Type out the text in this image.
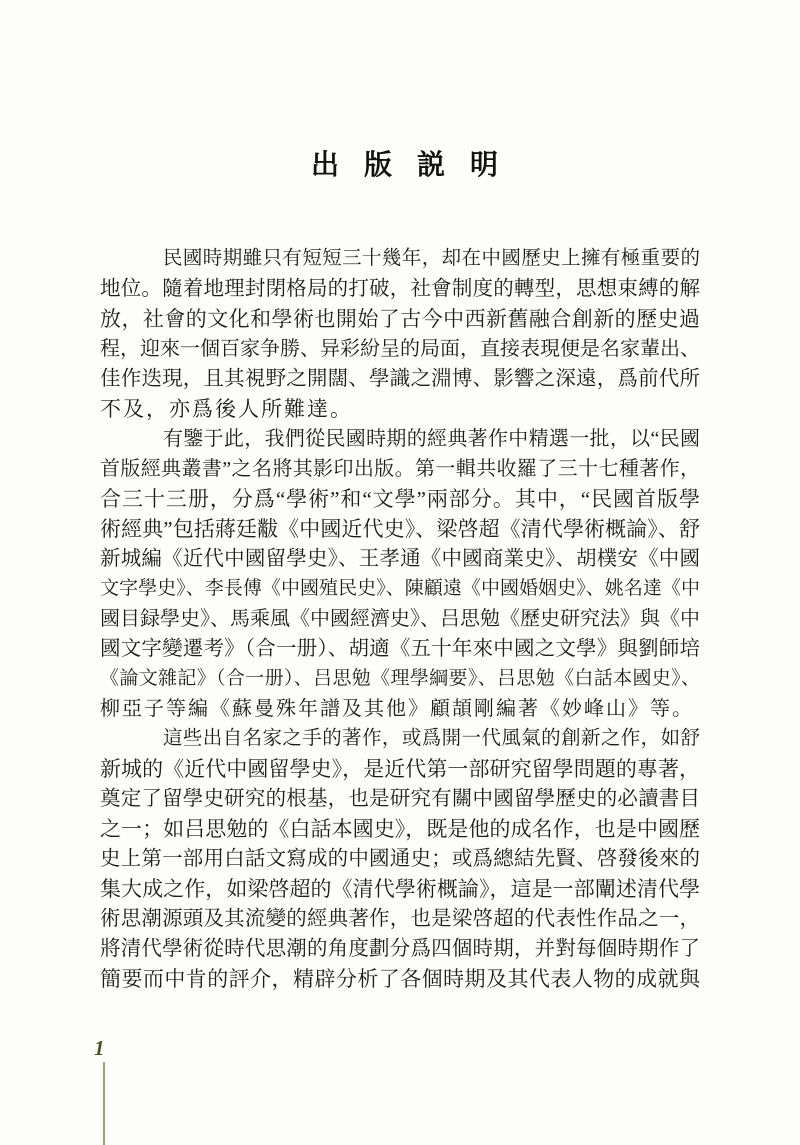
出 版 説 明
民國時期雖只有短短三十幾年，却在中國歷史上擁有極重要的
地位。隨着地理封閉格局的打破，社會制度的轉型，思想束縛的解
放，社會的文化和學術也開始了古今中西新舊融合創新的歷史過
程，迎來一個百家争勝、异彩紛呈的局面，直接表現便是名家輩出、
佳作迭現，且其視野之開闊、學識之淵博、影響之深遠，爲前代所
不及，亦爲後人所難達。
有鑒于此，我們從民國時期的經典著作中精選一批，以“民國
首版經典叢書”之名將其影印出版。第一輯共收羅了三十七種著作，
合三十三册，分爲“學術”和“文學”兩部分。其中，“民國首版學
術經典”包括蔣廷黻《中國近代史》、梁啓超《清代學術概論》、舒
新城編《近代中國留學史》、王孝通《中國商業史》、胡樸安《中國
文字學史》、李長傅《中國殖民史》、陳顧遠《中國婚姻史》、姚名達《中
國目録學史》、馬乘風《中國經濟史》、吕思勉《歷史研究法》與《中
國文字變遷考》（合一册）、胡適《五十年來中國之文學》與劉師培
《論文雜記》（合一册）、吕思勉《理學綱要》、吕思勉《白話本國史》、
柳亞子等編《蘇曼殊年譜及其他》顧頡剛編著《妙峰山》等。
這些出自名家之手的著作，或爲開一代風氣的創新之作，如舒
新城的《近代中國留學史》，是近代第一部研究留學問題的專著，
奠定了留學史研究的根基，也是研究有關中國留學歷史的必讀書目
之一；如吕思勉的《白話本國史》，既是他的成名作，也是中國歷
史上第一部用白話文寫成的中國通史；或爲總結先賢、啓發後來的
集大成之作，如梁啓超的《清代學術概論》，這是一部闡述清代學
術思潮源頭及其流變的經典著作，也是梁啓超的代表性作品之一，
將清代學術從時代思潮的角度劃分爲四個時期，并對每個時期作了
簡要而中肯的評介，精辟分析了各個時期及其代表人物的成就與
1
